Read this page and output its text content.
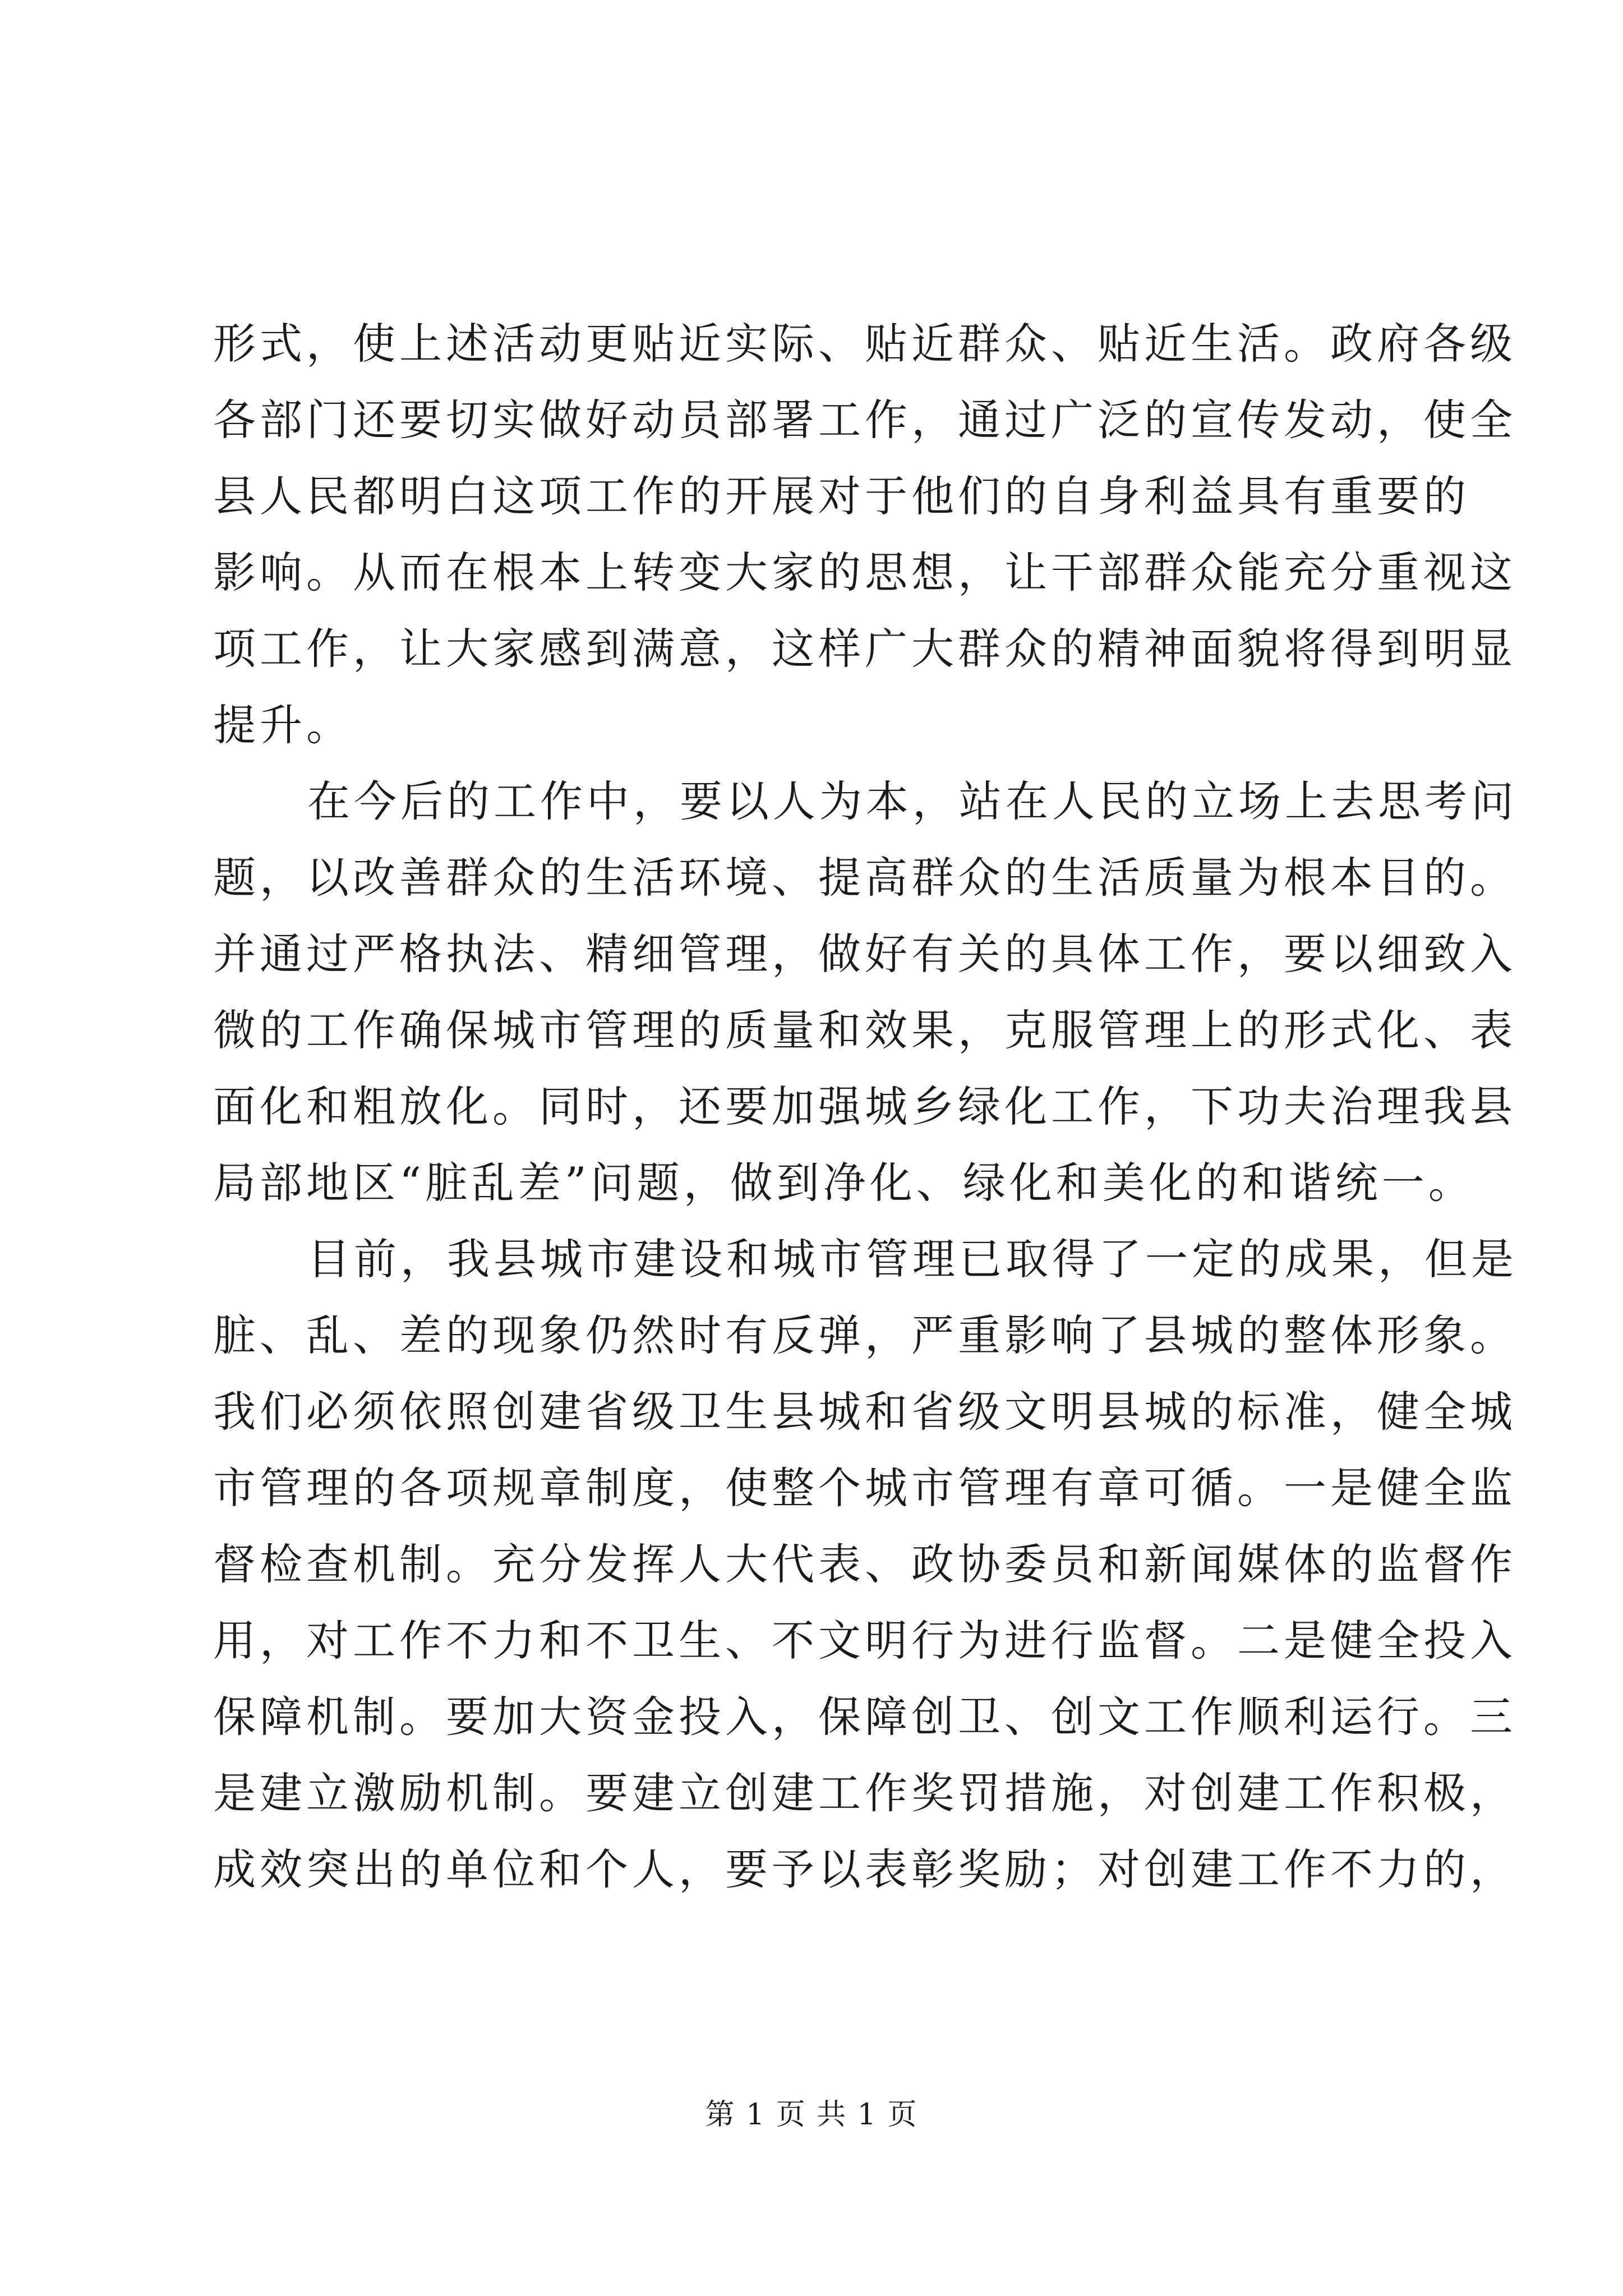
形式，使上述活动更贴近实际、贴近群众、贴近生活。政府各级
各部门还要切实做好动员部署工作，通过广泛的宣传发动，使全
县人民都明白这项工作的开展对于他们的自身利益具有重要的
影响。从而在根本上转变大家的思想，让干部群众能充分重视这
项工作，让大家感到满意，这样广大群众的精神面貌将得到明显
提升。
在今后的工作中，要以人为本，站在人民的立场上去思考问
题，以改善群众的生活环境、提高群众的生活质量为根本目的。
并通过严格执法、精细管理，做好有关的具体工作，要以细致入
微的工作确保城市管理的质量和效果，克服管理上的形式化、表
面化和粗放化。同时，还要加强城乡绿化工作，下功夫治理我县
局部地区“脏乱差”问题，做到净化、绿化和美化的和谐统一。
目前，我县城市建设和城市管理已取得了一定的成果，但是
脏、乱、差的现象仍然时有反弹，严重影响了县城的整体形象。
我们必须依照创建省级卫生县城和省级文明县城的标准，健全城
市管理的各项规章制度，使整个城市管理有章可循。一是健全监
督检查机制。充分发挥人大代表、政协委员和新闻媒体的监督作
用，对工作不力和不卫生、不文明行为进行监督。二是健全投入
保障机制。要加大资金投入，保障创卫、创文工作顺利运行。三
是建立激励机制。要建立创建工作奖罚措施，对创建工作积极，
成效突出的单位和个人，要予以表彰奖励；对创建工作不力的，
第 1 页 共 1 页
